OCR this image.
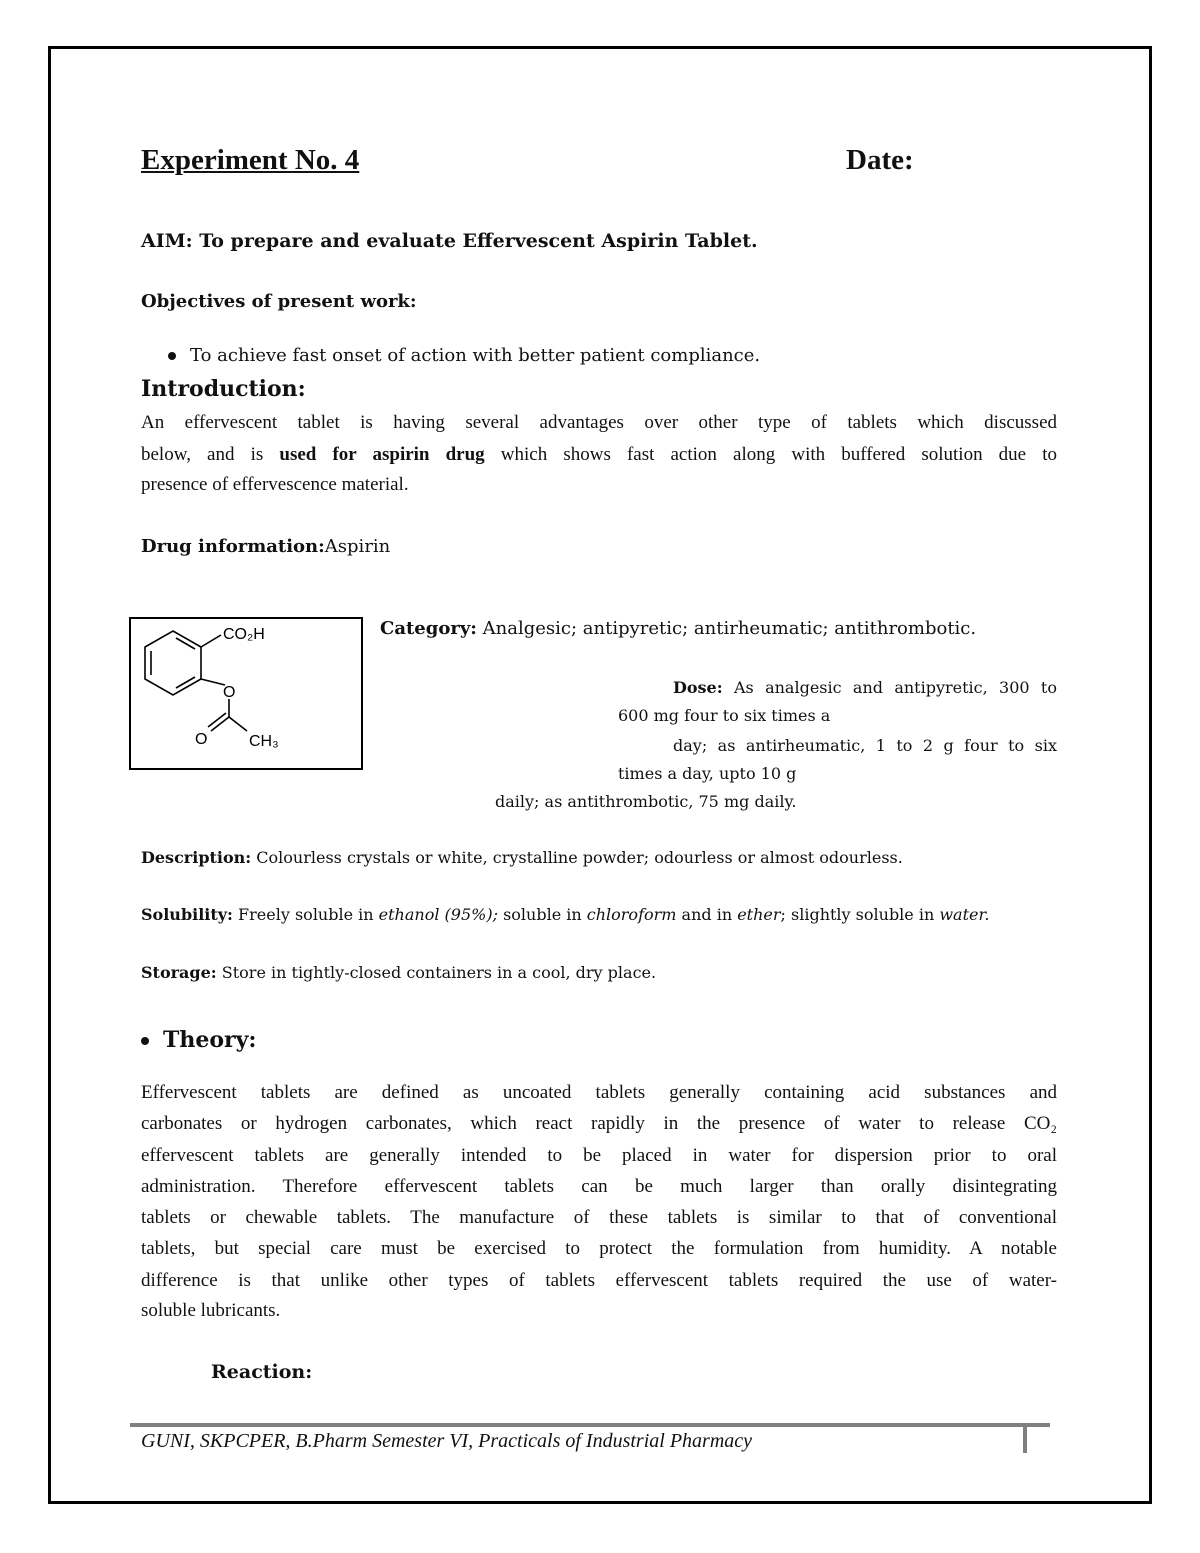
Experiment No. 4	Date:
AIM: To prepare and evaluate Effervescent Aspirin Tablet.
Objectives of present work:
To achieve fast onset of action with better patient compliance.
Introduction:
An effervescent tablet is having several advantages over other type of tablets which discussed
below, and is used for aspirin drug which shows fast action along with buffered solution due to
presence of effervescence material.
Drug information:Aspirin
CO₂H
O
O	CH₃
Category: Analgesic; antipyretic; antirheumatic; antithrombotic.
Dose: As analgesic and antipyretic, 300 to
600 mg four to six times a
day; as antirheumatic, 1 to 2 g four to six
times a day, upto 10 g
daily; as antithrombotic, 75 mg daily.
Description: Colourless crystals or white, crystalline powder; odourless or almost odourless.
Solubility: Freely soluble in ethanol (95%); soluble in chloroform and in ether; slightly soluble in water.
Storage: Store in tightly-closed containers in a cool, dry place.
Theory:
Effervescent tablets are defined as uncoated tablets generally containing acid substances and
carbonates or hydrogen carbonates, which react rapidly in the presence of water to release CO₂
effervescent tablets are generally intended to be placed in water for dispersion prior to oral
administration. Therefore effervescent tablets can be much larger than orally disintegrating
tablets or chewable tablets. The manufacture of these tablets is similar to that of conventional
tablets, but special care must be exercised to protect the formulation from humidity. A notable
difference is that unlike other types of tablets effervescent tablets required the use of water-
soluble lubricants.
Reaction:
GUNI, SKPCPER, B.Pharm Semester VI, Practicals of Industrial Pharmacy
